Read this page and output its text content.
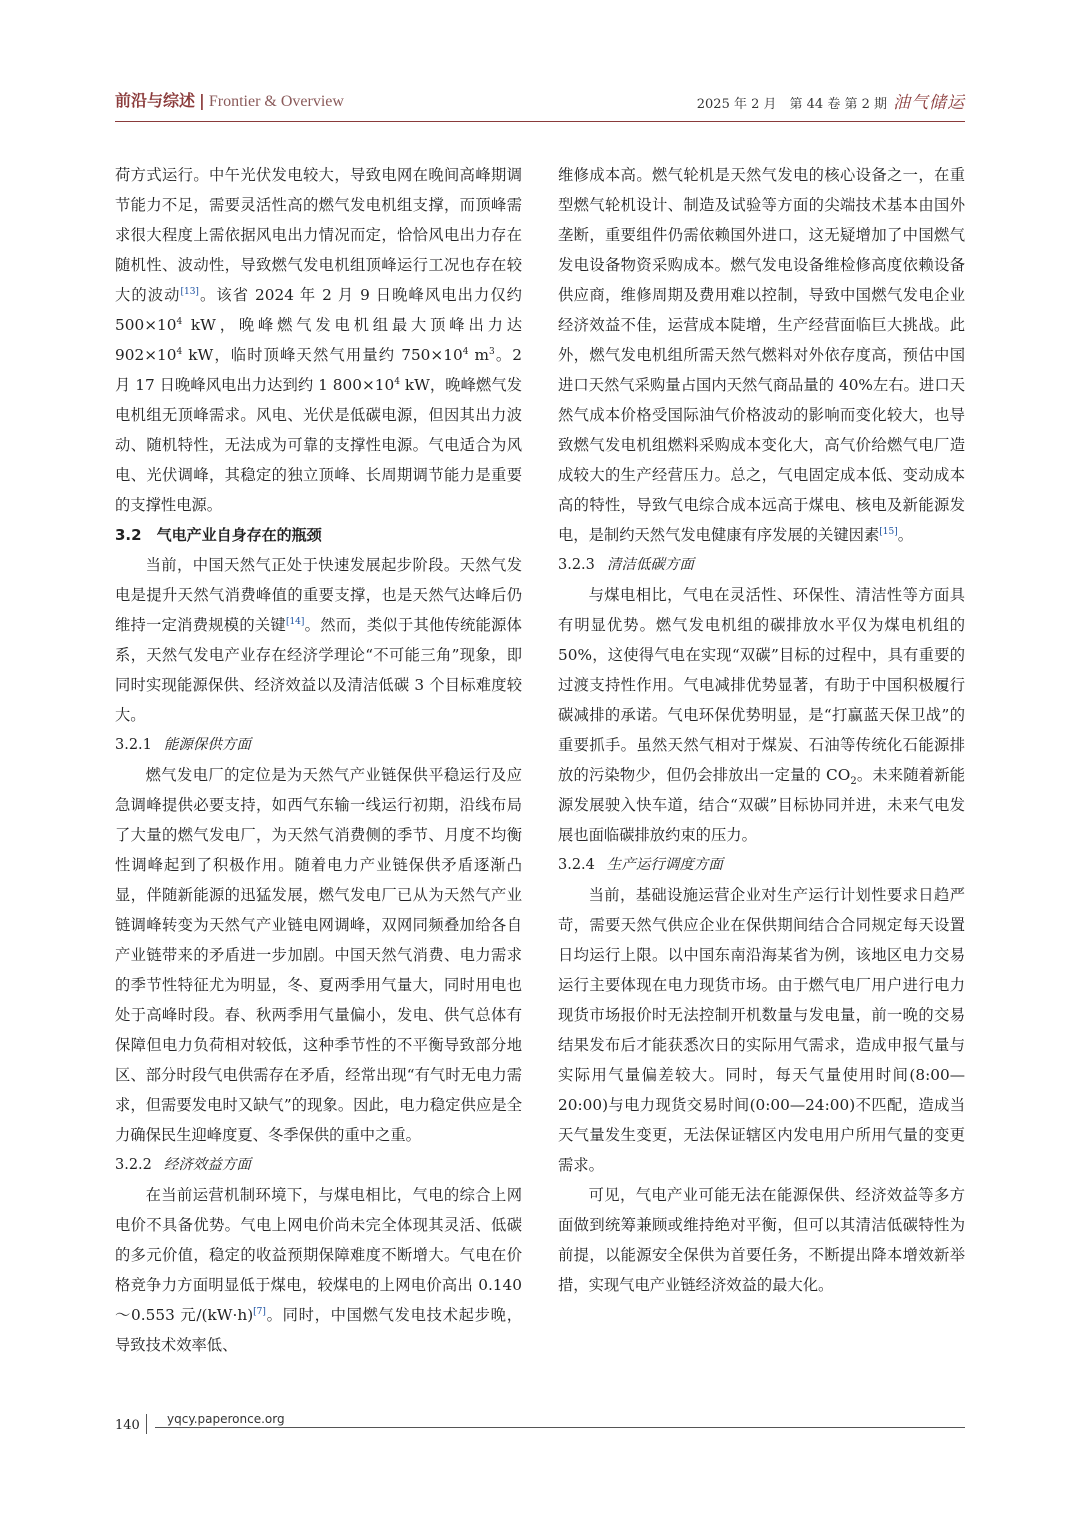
前沿与综述 | Frontier & Overview	2025 年 2 月　第 44 卷 第 2 期 油气储运

荷方式运行。中午光伏发电较大，导致电网在晚间高峰期调节能力不足，需要灵活性高的燃气发电机组支撑，而顶峰需求很大程度上需依据风电出力情况而定，恰恰风电出力存在随机性、波动性，导致燃气发电机组顶峰运行工况也存在较大的波动[13]。该省 2024 年 2 月 9 日晚峰风电出力仅约 $500\times 10^4$ kW，晚峰燃气发电机组最大顶峰出力达 $902\times 10^4$ kW，临时顶峰天然气用量约 $750\times 10^4$ $m^3$。2 月 17 日晚峰风电出力达到约 1 $800\times 10^4$ kW，晚峰燃气发电机组无顶峰需求。风电、光伏是低碳电源，但因其出力波动、随机特性，无法成为可靠的支撑性电源。气电适合为风电、光伏调峰，其稳定的独立顶峰、长周期调节能力是重要的支撑性电源。

3.2　气电产业自身存在的瓶颈

当前，中国天然气正处于快速发展起步阶段。天然气发电是提升天然气消费峰值的重要支撑，也是天然气达峰后仍维持一定消费规模的关键[14]。然而，类似于其他传统能源体系，天然气发电产业存在经济学理论“不可能三角”现象，即同时实现能源保供、经济效益以及清洁低碳 3 个目标难度较大。

3.2.1 能源保供方面

燃气发电厂的定位是为天然气产业链保供平稳运行及应急调峰提供必要支持，如西气东输一线运行初期，沿线布局了大量的燃气发电厂，为天然气消费侧的季节、月度不均衡性调峰起到了积极作用。随着电力产业链保供矛盾逐渐凸显，伴随新能源的迅猛发展，燃气发电厂已从为天然气产业链调峰转变为天然气产业链电网调峰，双网同频叠加给各自产业链带来的矛盾进一步加剧。中国天然气消费、电力需求的季节性特征尤为明显，冬、夏两季用气量大，同时用电也处于高峰时段。春、秋两季用气量偏小，发电、供气总体有保障但电力负荷相对较低，这种季节性的不平衡导致部分地区、部分时段气电供需存在矛盾，经常出现“有气时无电力需求，但需要发电时又缺气”的现象。因此，电力稳定供应是全力确保民生迎峰度夏、冬季保供的重中之重。

3.2.2 经济效益方面

在当前运营机制环境下，与煤电相比，气电的综合上网电价不具备优势。气电上网电价尚未完全体现其灵活、低碳的多元价值，稳定的收益预期保障难度不断增大。气电在价格竞争力方面明显低于煤电，较煤电的上网电价高出 0.140～0.553 元/(kW·h)[7]。同时，中国燃气发电技术起步晚，导致技术效率低、

维修成本高。燃气轮机是天然气发电的核心设备之一，在重型燃气轮机设计、制造及试验等方面的尖端技术基本由国外垄断，重要组件仍需依赖国外进口，这无疑增加了中国燃气发电设备物资采购成本。燃气发电设备维检修高度依赖设备供应商，维修周期及费用难以控制，导致中国燃气发电企业经济效益不佳，运营成本陡增，生产经营面临巨大挑战。此外，燃气发电机组所需天然气燃料对外依存度高，预估中国进口天然气采购量占国内天然气商品量的 40%左右。进口天然气成本价格受国际油气价格波动的影响而变化较大，也导致燃气发电机组燃料采购成本变化大，高气价给燃气电厂造成较大的生产经营压力。总之，气电固定成本低、变动成本高的特性，导致气电综合成本远高于煤电、核电及新能源发电，是制约天然气发电健康有序发展的关键因素[15]。

3.2.3 清洁低碳方面

与煤电相比，气电在灵活性、环保性、清洁性等方面具有明显优势。燃气发电机组的碳排放水平仅为煤电机组的 50%，这使得气电在实现“双碳”目标的过程中，具有重要的过渡支持性作用。气电减排优势显著，有助于中国积极履行碳减排的承诺。气电环保优势明显，是“打赢蓝天保卫战”的重要抓手。虽然天然气相对于煤炭、石油等传统化石能源排放的污染物少，但仍会排放出一定量的 $CO_2$。未来随着新能源发展驶入快车道，结合“双碳”目标协同并进，未来气电发展也面临碳排放约束的压力。

3.2.4 生产运行调度方面

当前，基础设施运营企业对生产运行计划性要求日趋严苛，需要天然气供应企业在保供期间结合合同规定每天设置日均运行上限。以中国东南沿海某省为例，该地区电力交易运行主要体现在电力现货市场。由于燃气电厂用户进行电力现货市场报价时无法控制开机数量与发电量，前一晚的交易结果发布后才能获悉次日的实际用气需求，造成申报气量与实际用气量偏差较大。同时，每天气量使用时间(8:00—20:00)与电力现货交易时间(0:00—24:00)不匹配，造成当天气量发生变更，无法保证辖区内发电用户所用气量的变更需求。

可见，气电产业可能无法在能源保供、经济效益等多方面做到统筹兼顾或维持绝对平衡，但可以其清洁低碳特性为前提，以能源安全保供为首要任务，不断提出降本增效新举措，实现气电产业链经济效益的最大化。

140	yqcy.paperonce.org
